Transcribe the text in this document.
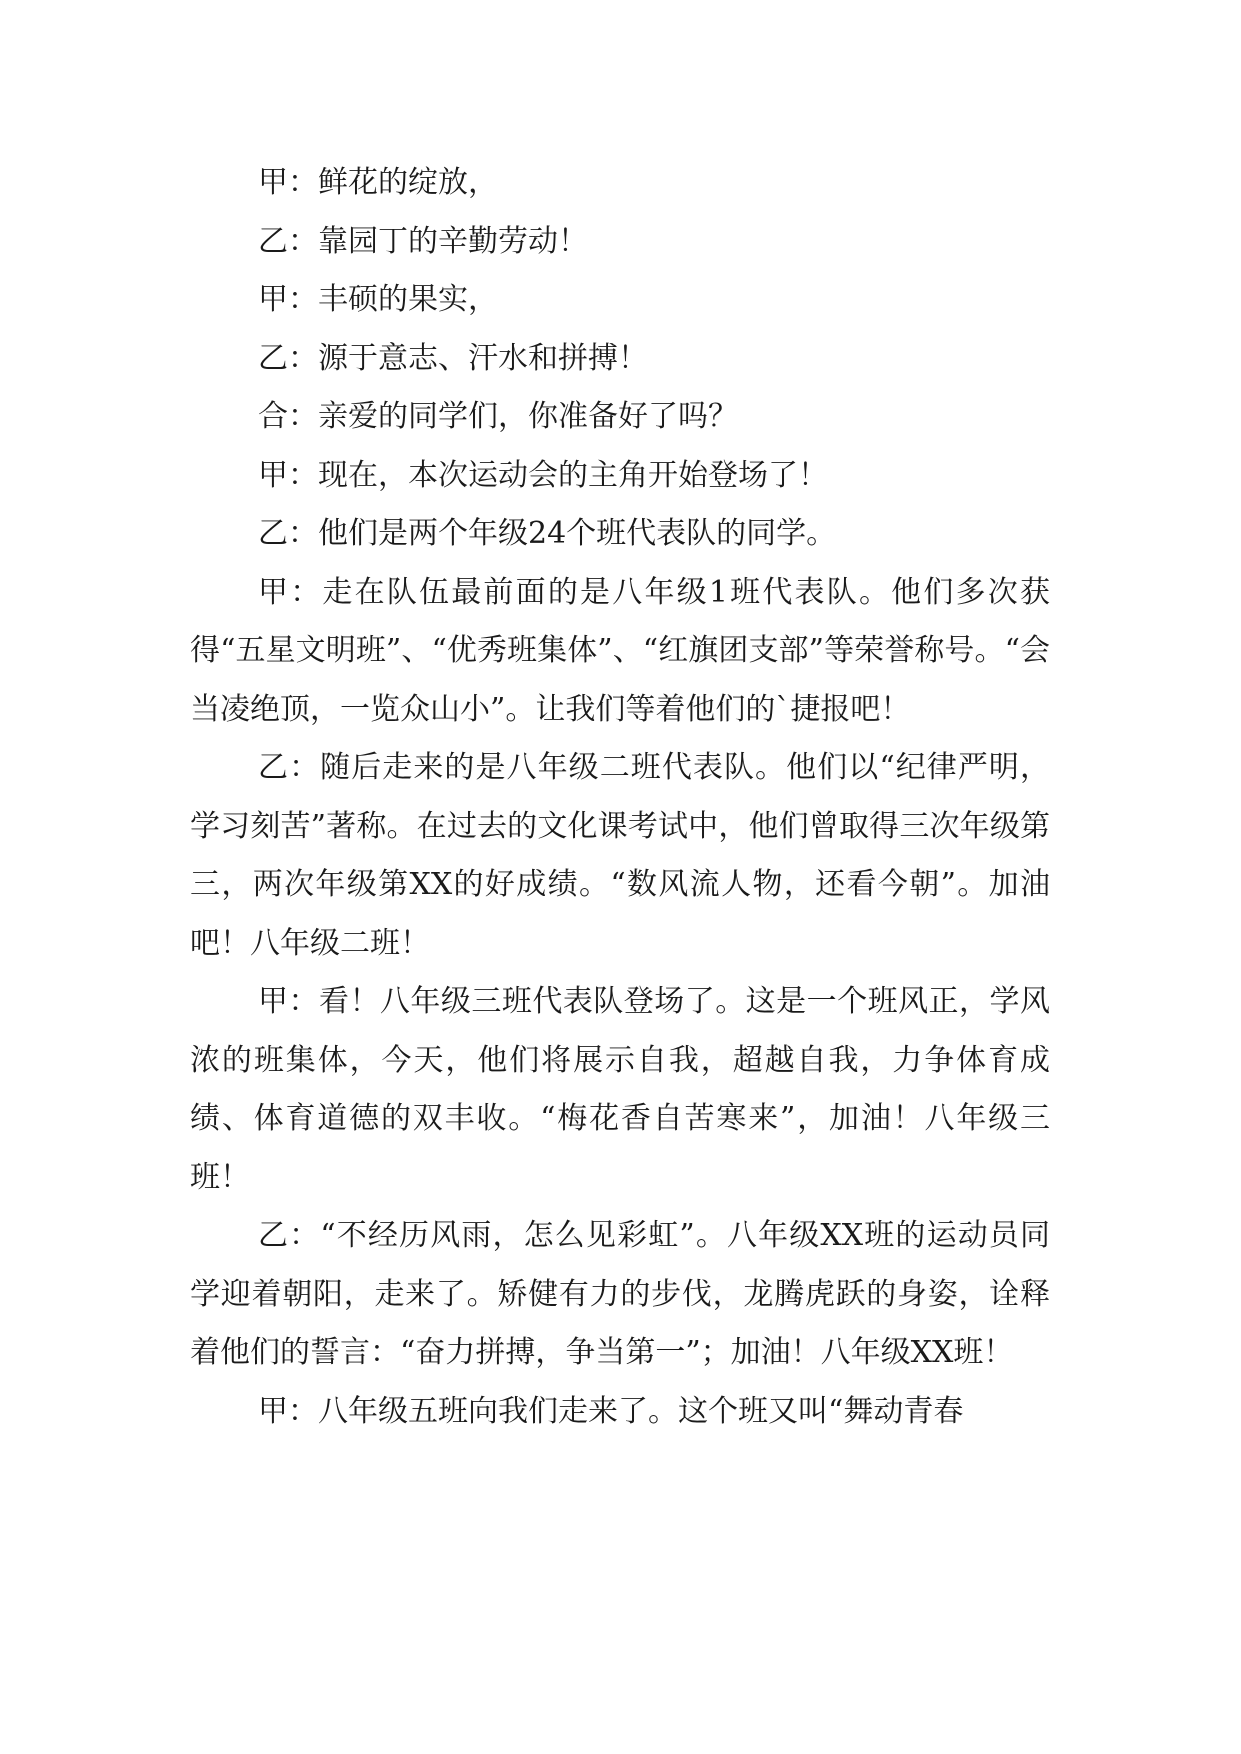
甲：鲜花的绽放，

乙：靠园丁的辛勤劳动！

甲：丰硕的果实，

乙：源于意志、汗水和拼搏！

合：亲爱的同学们，你准备好了吗？

甲：现在，本次运动会的主角开始登场了！

乙：他们是两个年级24个班代表队的同学。

甲：走在队伍最前面的是八年级1班代表队。他们多次获得“五星文明班”、“优秀班集体”、“红旗团支部”等荣誉称号。“会当凌绝顶，一览众山小”。让我们等着他们的`捷报吧！

乙：随后走来的是八年级二班代表队。他们以“纪律严明，学习刻苦”著称。在过去的文化课考试中，他们曾取得三次年级第三，两次年级第XX的好成绩。“数风流人物，还看今朝”。加油吧！八年级二班！

甲：看！八年级三班代表队登场了。这是一个班风正，学风浓的班集体，今天，他们将展示自我，超越自我，力争体育成绩、体育道德的双丰收。“梅花香自苦寒来”，加油！八年级三班！

乙：“不经历风雨，怎么见彩虹”。八年级XX班的运动员同学迎着朝阳，走来了。矫健有力的步伐，龙腾虎跃的身姿，诠释着他们的誓言：“奋力拼搏，争当第一”；加油！八年级XX班！

甲：八年级五班向我们走来了。这个班又叫“舞动青春
